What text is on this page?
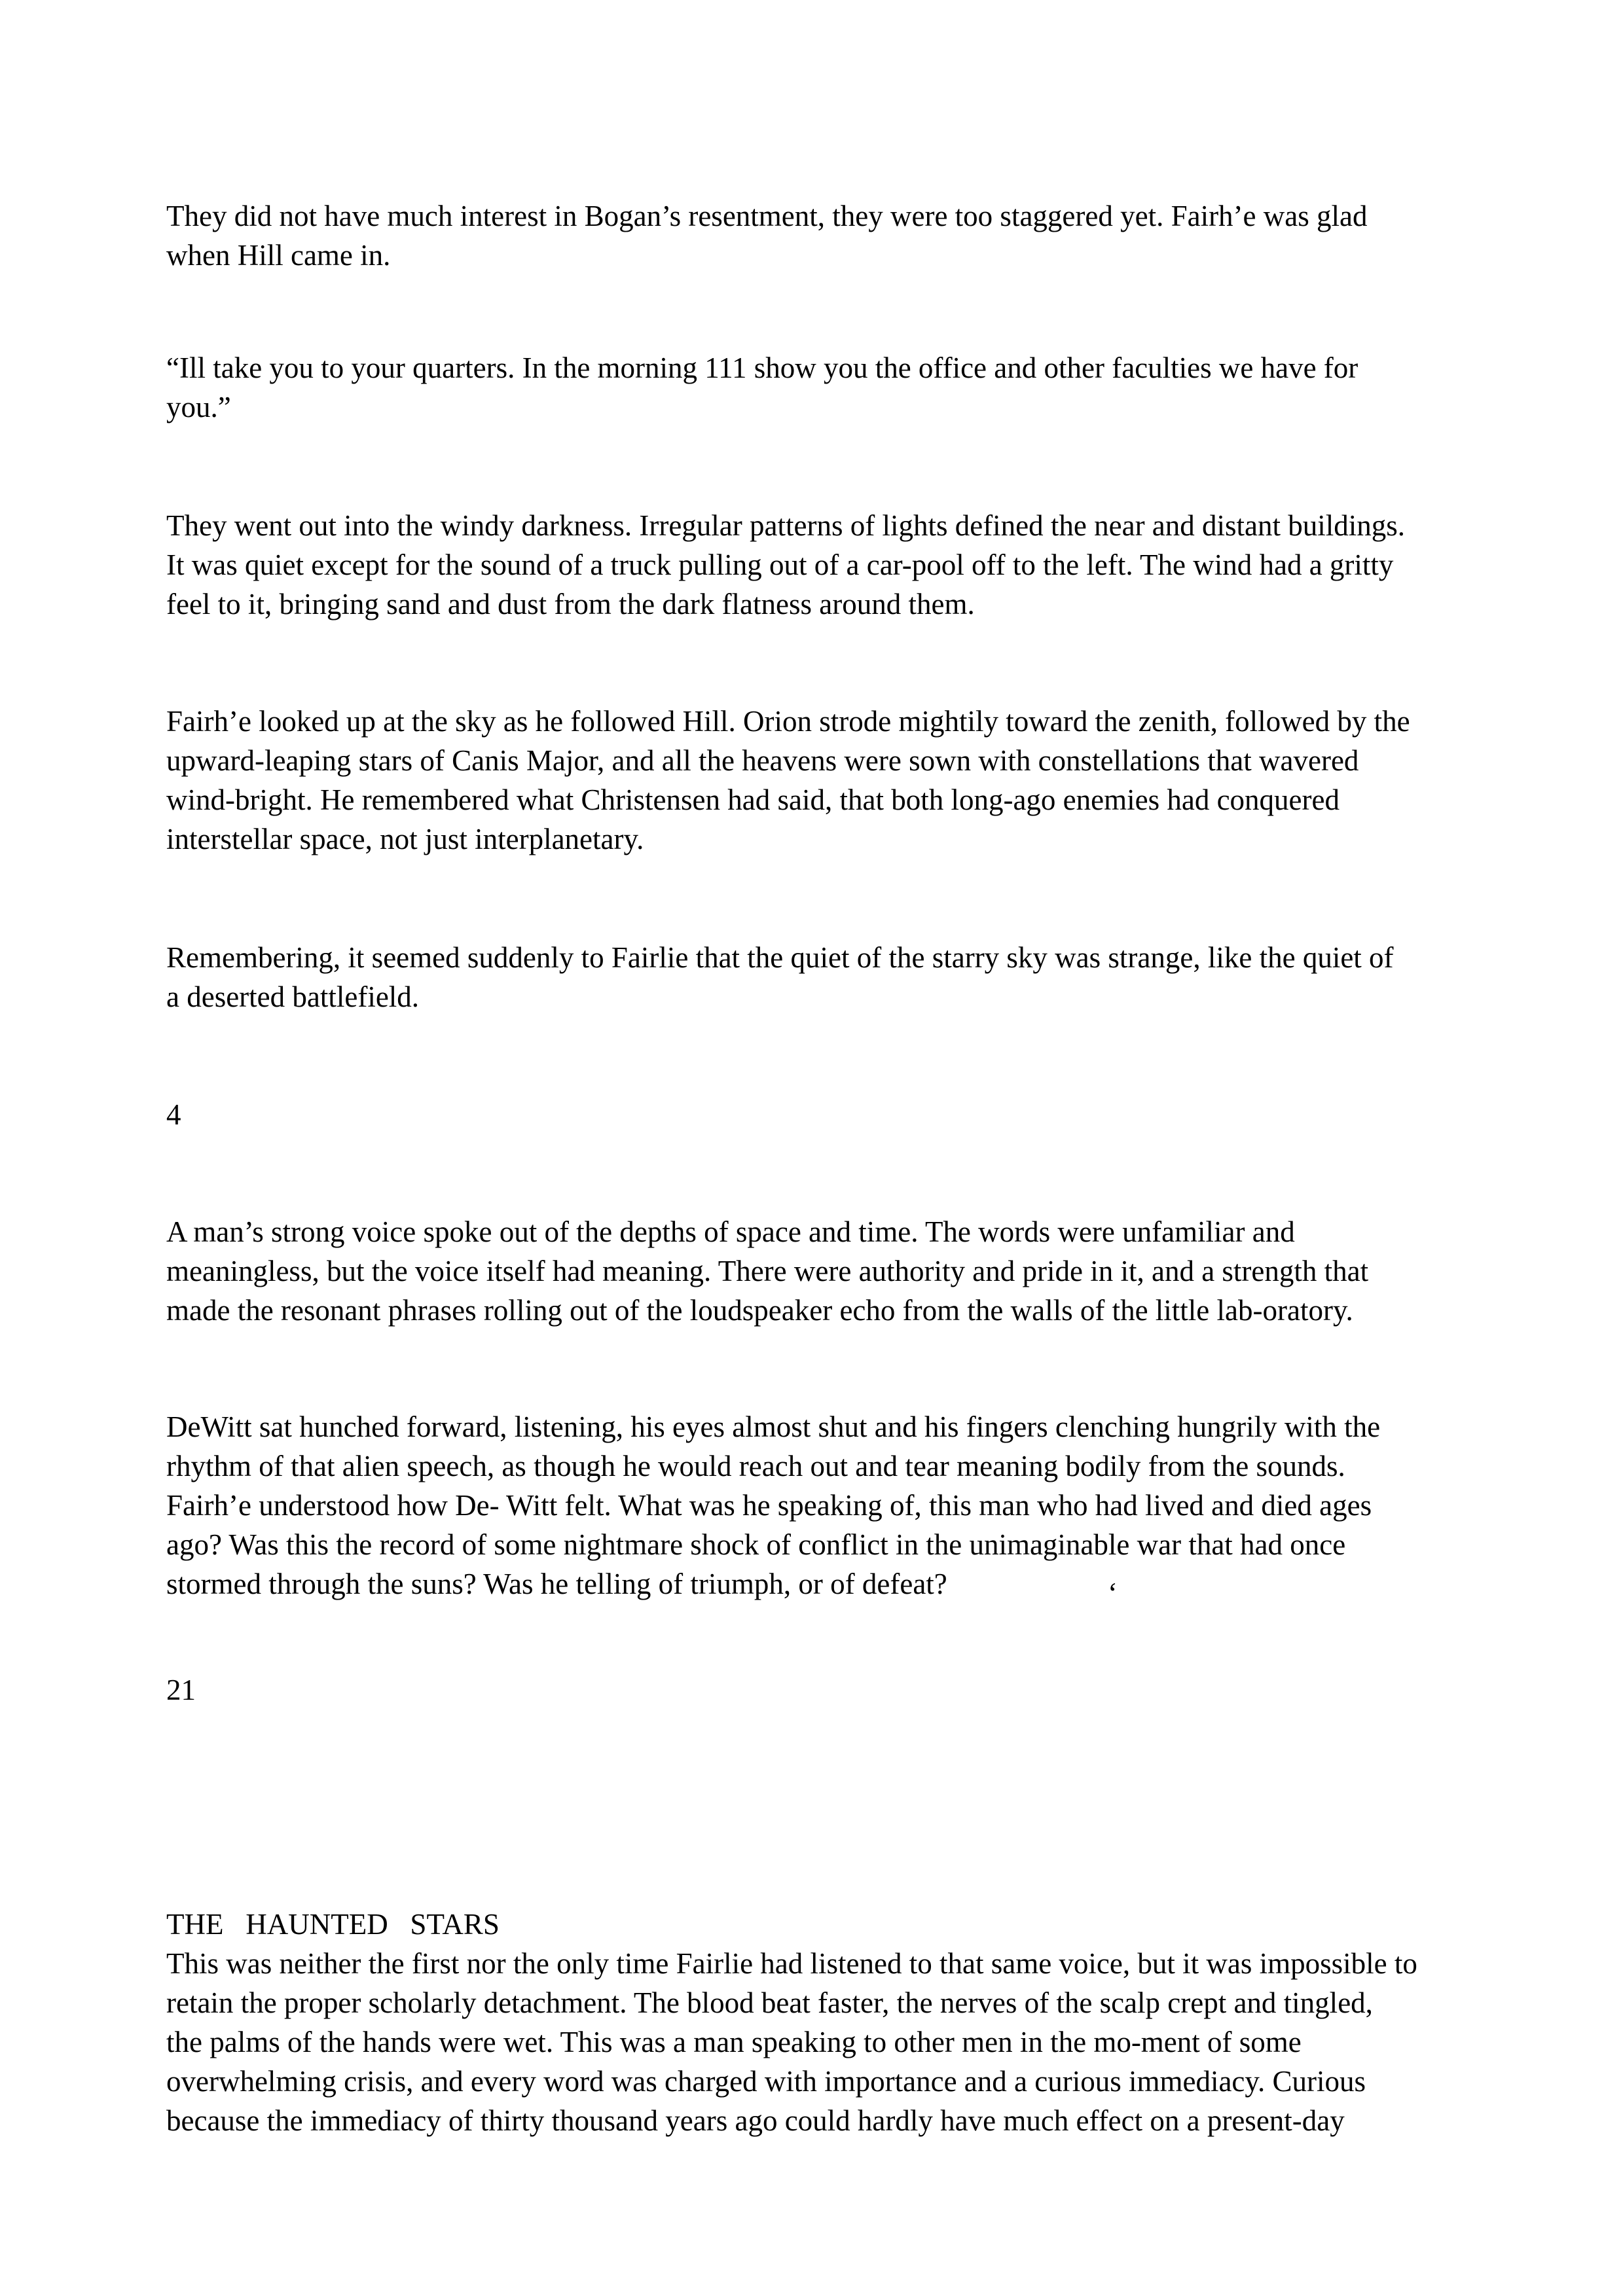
They did not have much interest in Bogan’s resentment, they were too staggered yet. Fairh’e was glad
when Hill came in.
“Ill take you to your quarters. In the morning 111 show you the office and other faculties we have for
you.”
They went out into the windy darkness. Irregular patterns of lights defined the near and distant buildings.
It was quiet except for the sound of a truck pulling out of a car-pool off to the left. The wind had a gritty
feel to it, bringing sand and dust from the dark flatness around them.
Fairh’e looked up at the sky as he followed Hill. Orion strode mightily toward the zenith, followed by the
upward-leaping stars of Canis Major, and all the heavens were sown with constellations that wavered
wind-bright. He remembered what Christensen had said, that both long-ago enemies had conquered
interstellar space, not just interplanetary.
Remembering, it seemed suddenly to Fairlie that the quiet of the starry sky was strange, like the quiet of
a deserted battlefield.
4
A man’s strong voice spoke out of the depths of space and time. The words were unfamiliar and
meaningless, but the voice itself had meaning. There were authority and pride in it, and a strength that
made the resonant phrases rolling out of the loudspeaker echo from the walls of the little lab-oratory.
DeWitt sat hunched forward, listening, his eyes almost shut and his fingers clenching hungrily with the
rhythm of that alien speech, as though he would reach out and tear meaning bodily from the sounds.
Fairh’e understood how De- Witt felt. What was he speaking of, this man who had lived and died ages
ago? Was this the record of some nightmare shock of conflict in the unimaginable war that had once
stormed through the suns? Was he telling of triumph, or of defeat?	‘
21

THE   HAUNTED   STARS

This was neither the first nor the only time Fairlie had listened to that same voice, but it was impossible to
retain the proper scholarly detachment. The blood beat faster, the nerves of the scalp crept and tingled,
the palms of the hands were wet. This was a man speaking to other men in the mo-ment of some
overwhelming crisis, and every word was charged with importance and a curious immediacy. Curious
because the immediacy of thirty thousand years ago could hardly have much effect on a present-day
